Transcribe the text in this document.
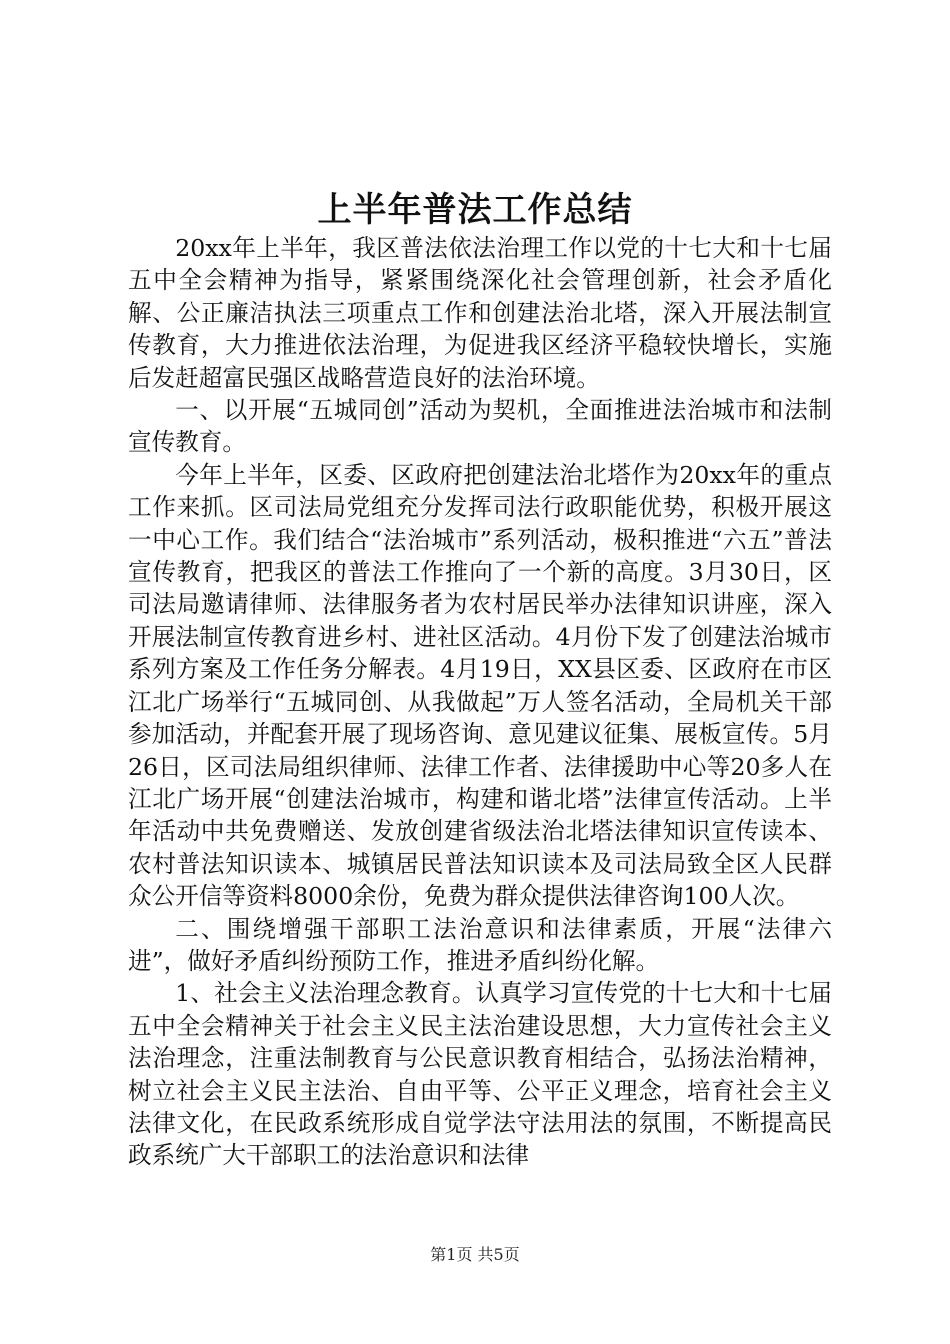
上半年普法工作总结

20xx年上半年，我区普法依法治理工作以党的十七大和十七届五中全会精神为指导，紧紧围绕深化社会管理创新，社会矛盾化解、公正廉洁执法三项重点工作和创建法治北塔，深入开展法制宣传教育，大力推进依法治理，为促进我区经济平稳较快增长，实施后发赶超富民强区战略营造良好的法治环境。

一、以开展“五城同创”活动为契机，全面推进法治城市和法制宣传教育。

今年上半年，区委、区政府把创建法治北塔作为20xx年的重点工作来抓。区司法局党组充分发挥司法行政职能优势，积极开展这一中心工作。我们结合“法治城市”系列活动，极积推进“六五”普法宣传教育，把我区的普法工作推向了一个新的高度。3月30日，区司法局邀请律师、法律服务者为农村居民举办法律知识讲座，深入开展法制宣传教育进乡村、进社区活动。4月份下发了创建法治城市系列方案及工作任务分解表。4月19日，XX县区委、区政府在市区江北广场举行“五城同创、从我做起”万人签名活动，全局机关干部参加活动，并配套开展了现场咨询、意见建议征集、展板宣传。5月26日，区司法局组织律师、法律工作者、法律援助中心等20多人在江北广场开展“创建法治城市，构建和谐北塔”法律宣传活动。上半年活动中共免费赠送、发放创建省级法治北塔法律知识宣传读本、农村普法知识读本、城镇居民普法知识读本及司法局致全区人民群众公开信等资料8000余份，免费为群众提供法律咨询100人次。

二、围绕增强干部职工法治意识和法律素质，开展“法律六进”，做好矛盾纠纷预防工作，推进矛盾纠纷化解。

1、社会主义法治理念教育。认真学习宣传党的十七大和十七届五中全会精神关于社会主义民主法治建设思想，大力宣传社会主义法治理念，注重法制教育与公民意识教育相结合，弘扬法治精神，树立社会主义民主法治、自由平等、公平正义理念，培育社会主义法律文化，在民政系统形成自觉学法守法用法的氛围，不断提高民政系统广大干部职工的法治意识和法律

第1页 共5页
